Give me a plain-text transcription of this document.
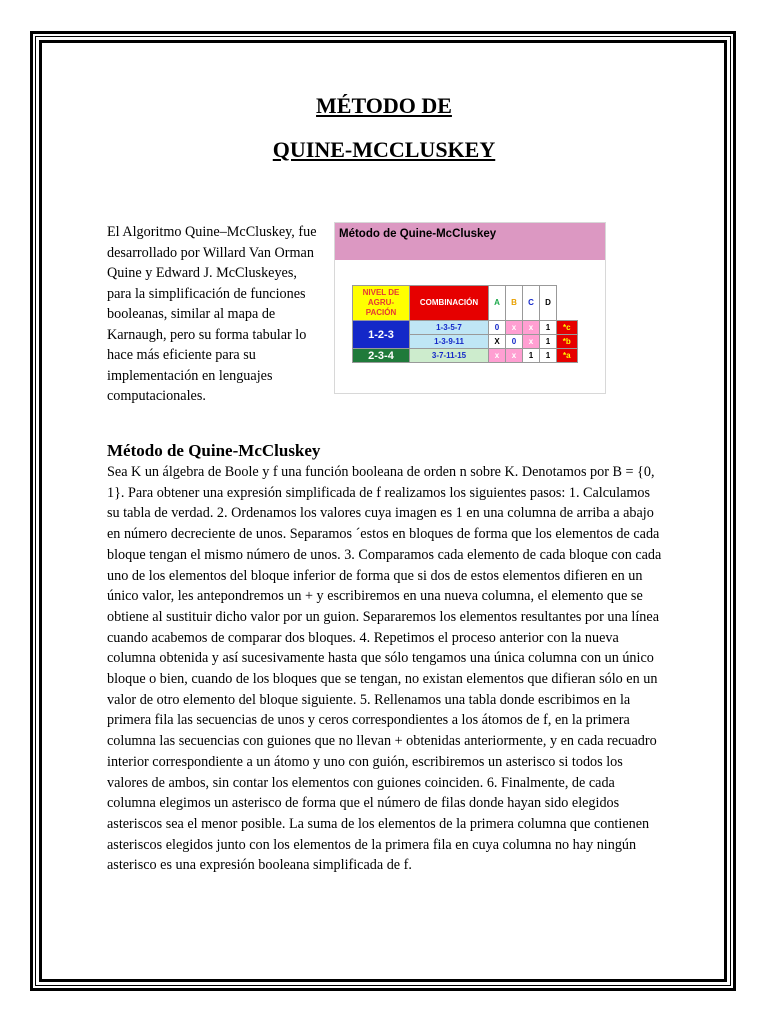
MÉTODO DE
QUINE-MCCLUSKEY

El Algoritmo Quine–McCluskey, fue desarrollado por Willard Van Orman Quine y Edward J. McCluskeyes, para la simplificación de funciones booleanas, similar al mapa de Karnaugh, pero su forma tabular lo hace más eficiente para su implementación en lenguajes computacionales.

Método de Quine-McCluskey
NIVEL DE AGRU- PACIÓN	COMBINACIÓN	A	B	C	D	
1-2-3	1-3-5-7	0	x	x	1	*c
	1-3-9-11	X	0	x	1	*b
2-3-4	3-7-11-15	x	x	1	1	*a
Método de Quine-McCluskey

Sea K un álgebra de Boole y f una función booleana de orden n sobre K. Denotamos por B = {0, 1}. Para obtener una expresión simplificada de f realizamos los siguientes pasos: 1. Calculamos su tabla de verdad. 2. Ordenamos los valores cuya imagen es 1 en una columna de arriba a abajo en número decreciente de unos. Separamos ´estos en bloques de forma que los elementos de cada bloque tengan el mismo número de unos. 3. Comparamos cada elemento de cada bloque con cada uno de los elementos del bloque inferior de forma que si dos de estos elementos difieren en un único valor, les antepondremos un + y escribiremos en una nueva columna, el elemento que se obtiene al sustituir dicho valor por un guion. Separaremos los elementos resultantes por una línea cuando acabemos de comparar dos bloques. 4. Repetimos el proceso anterior con la nueva columna obtenida y así sucesivamente hasta que sólo tengamos una única columna con un único bloque o bien, cuando de los bloques que se tengan, no existan elementos que difieran sólo en un valor de otro elemento del bloque siguiente. 5. Rellenamos una tabla donde escribimos en la primera fila las secuencias de unos y ceros correspondientes a los átomos de f, en la primera columna las secuencias con guiones que no llevan + obtenidas anteriormente, y en cada recuadro interior correspondiente a un átomo y uno con guión, escribiremos un asterisco si todos los valores de ambos, sin contar los elementos con guiones coinciden. 6. Finalmente, de cada columna elegimos un asterisco de forma que el número de filas donde hayan sido elegidos asteriscos sea el menor posible. La suma de los elementos de la primera columna que contienen asteriscos elegidos junto con los elementos de la primera fila en cuya columna no hay ningún asterisco es una expresión booleana simplificada de f.
